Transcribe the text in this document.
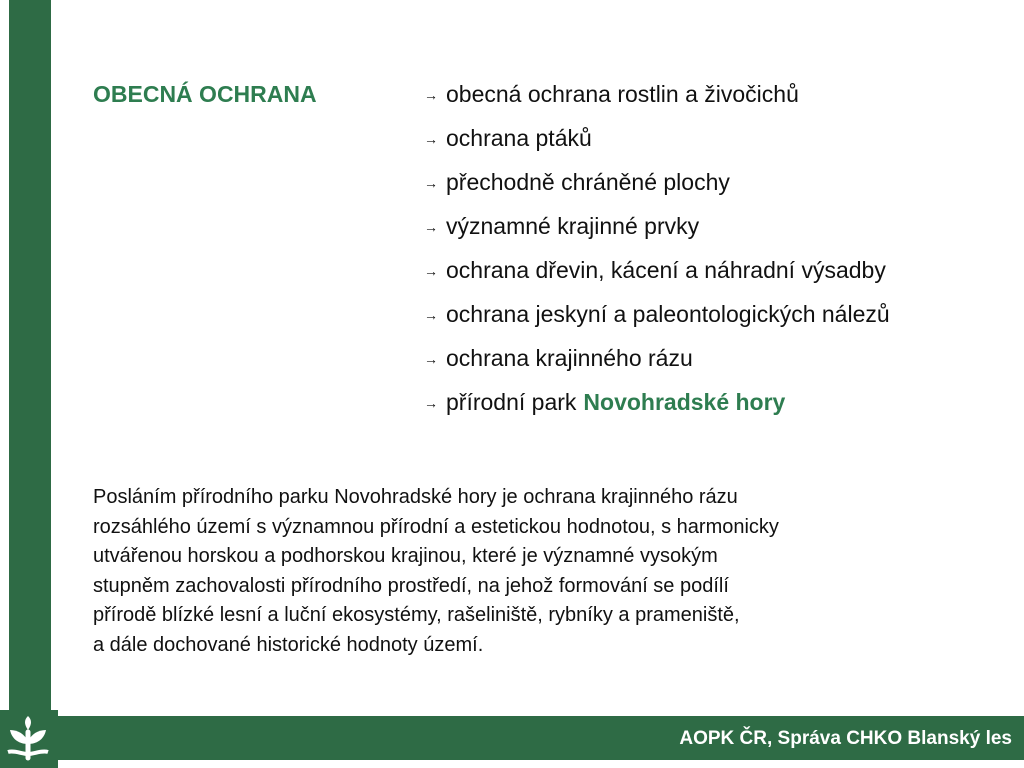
AOPK ČR, Správa CHKO Blanský les
OBECNÁ OCHRANA	→ obecná ochrana rostlin a živočichů
→ ochrana ptáků
→ přechodně chráněné plochy
→ významné krajinné prvky
→ ochrana dřevin, kácení a náhradní výsadby
→ ochrana jeskyní a paleontologických nálezů
→ ochrana krajinného rázu
→ přírodní park Novohradské hory

Posláním přírodního parku Novohradské hory je ochrana krajinného rázu
rozsáhlého území s významnou přírodní a estetickou hodnotou, s harmonicky
utvářenou horskou a podhorskou krajinou, které je významné vysokým
stupněm zachovalosti přírodního prostředí, na jehož formování se podílí
přírodě blízké lesní a luční ekosystémy, rašeliniště, rybníky a prameniště,
a dále dochované historické hodnoty území.
